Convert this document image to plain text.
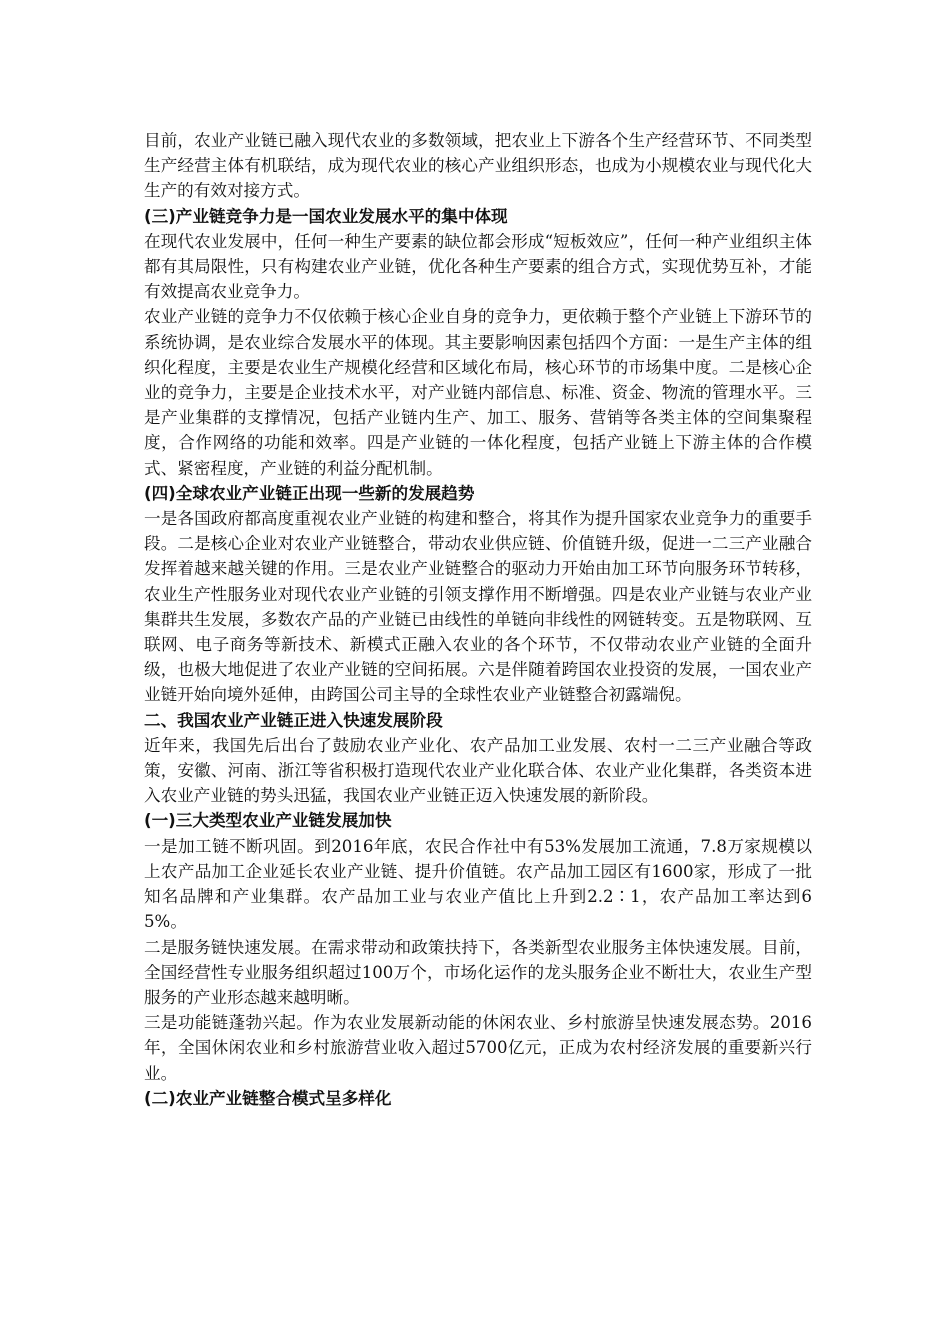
目前，农业产业链已融入现代农业的多数领域，把农业上下游各个生产经营环节、不同类型生产经营主体有机联结，成为现代农业的核心产业组织形态，也成为小规模农业与现代化大生产的有效对接方式。

(三)产业链竞争力是一国农业发展水平的集中体现

在现代农业发展中，任何一种生产要素的缺位都会形成“短板效应”，任何一种产业组织主体都有其局限性，只有构建农业产业链，优化各种生产要素的组合方式，实现优势互补，才能有效提高农业竞争力。

农业产业链的竞争力不仅依赖于核心企业自身的竞争力，更依赖于整个产业链上下游环节的系统协调，是农业综合发展水平的体现。其主要影响因素包括四个方面：一是生产主体的组织化程度，主要是农业生产规模化经营和区域化布局，核心环节的市场集中度。二是核心企业的竞争力，主要是企业技术水平，对产业链内部信息、标准、资金、物流的管理水平。三是产业集群的支撑情况，包括产业链内生产、加工、服务、营销等各类主体的空间集聚程度，合作网络的功能和效率。四是产业链的一体化程度，包括产业链上下游主体的合作模式、紧密程度，产业链的利益分配机制。

(四)全球农业产业链正出现一些新的发展趋势

一是各国政府都高度重视农业产业链的构建和整合，将其作为提升国家农业竞争力的重要手段。二是核心企业对农业产业链整合，带动农业供应链、价值链升级，促进一二三产业融合发挥着越来越关键的作用。三是农业产业链整合的驱动力开始由加工环节向服务环节转移，农业生产性服务业对现代农业产业链的引领支撑作用不断增强。四是农业产业链与农业产业集群共生发展，多数农产品的产业链已由线性的单链向非线性的网链转变。五是物联网、互联网、电子商务等新技术、新模式正融入农业的各个环节，不仅带动农业产业链的全面升级，也极大地促进了农业产业链的空间拓展。六是伴随着跨国农业投资的发展，一国农业产业链开始向境外延伸，由跨国公司主导的全球性农业产业链整合初露端倪。

二、我国农业产业链正进入快速发展阶段

近年来，我国先后出台了鼓励农业产业化、农产品加工业发展、农村一二三产业融合等政策，安徽、河南、浙江等省积极打造现代农业产业化联合体、农业产业化集群，各类资本进入农业产业链的势头迅猛，我国农业产业链正迈入快速发展的新阶段。

(一)三大类型农业产业链发展加快

一是加工链不断巩固。到2016年底，农民合作社中有53%发展加工流通，7.8万家规模以上农产品加工企业延长农业产业链、提升价值链。农产品加工园区有1600家，形成了一批知名品牌和产业集群。农产品加工业与农业产值比上升到2.2∶1，农产品加工率达到65%。

二是服务链快速发展。在需求带动和政策扶持下，各类新型农业服务主体快速发展。目前，全国经营性专业服务组织超过100万个，市场化运作的龙头服务企业不断壮大，农业生产型服务的产业形态越来越明晰。

三是功能链蓬勃兴起。作为农业发展新动能的休闲农业、乡村旅游呈快速发展态势。2016年，全国休闲农业和乡村旅游营业收入超过5700亿元，正成为农村经济发展的重要新兴行业。

(二)农业产业链整合模式呈多样化
